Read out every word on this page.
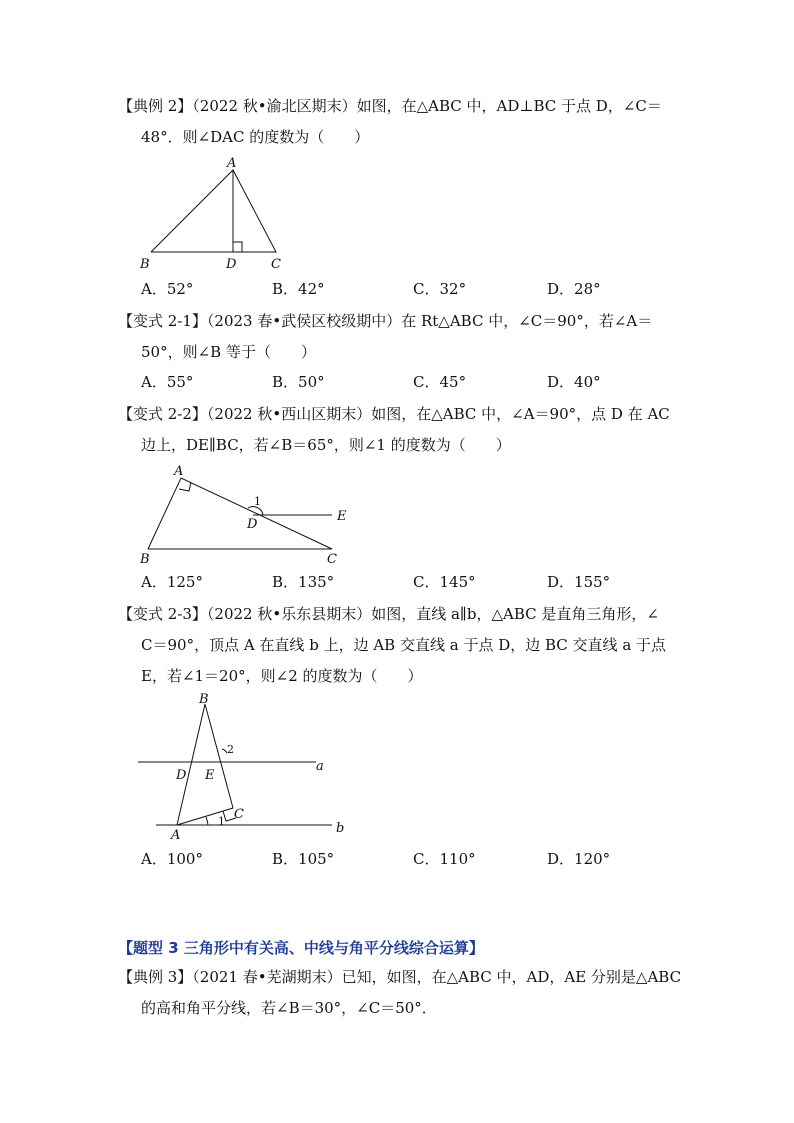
【典例 2】（2022 秋•渝北区期末）如图，在△ABC 中，AD⊥BC 于点 D，∠C＝
48°．则∠DAC 的度数为（　　）
A
B	D	C
A．52°	B．42°	C．32°	D．28°
【变式 2-1】（2023 春•武侯区校级期中）在 Rt△ABC 中，∠C＝90°，若∠A＝
50°，则∠B 等于（　　）
A．55°	B．50°	C．45°	D．40°
【变式 2-2】（2022 秋•西山区期末）如图，在△ABC 中，∠A＝90°，点 D 在 AC
边上，DE∥BC，若∠B＝65°，则∠1 的度数为（　　）
A
B	C
D
E
1
A．125°	B．135°	C．145°	D．155°
【变式 2-3】（2022 秋•乐东县期末）如图，直线 a∥b，△ABC 是直角三角形，∠
C＝90°，顶点 A 在直线 b 上，边 AB 交直线 a 于点 D，边 BC 交直线 a 于点
E，若∠1＝20°，则∠2 的度数为（　　）
B
D E
C
A
a
b
2
1
A．100°	B．105°	C．110°	D．120°
【题型 3 三角形中有关高、中线与角平分线综合运算】
【典例 3】（2021 春•芜湖期末）已知，如图，在△ABC 中，AD，AE 分别是△ABC
的高和角平分线，若∠B＝30°，∠C＝50°．
